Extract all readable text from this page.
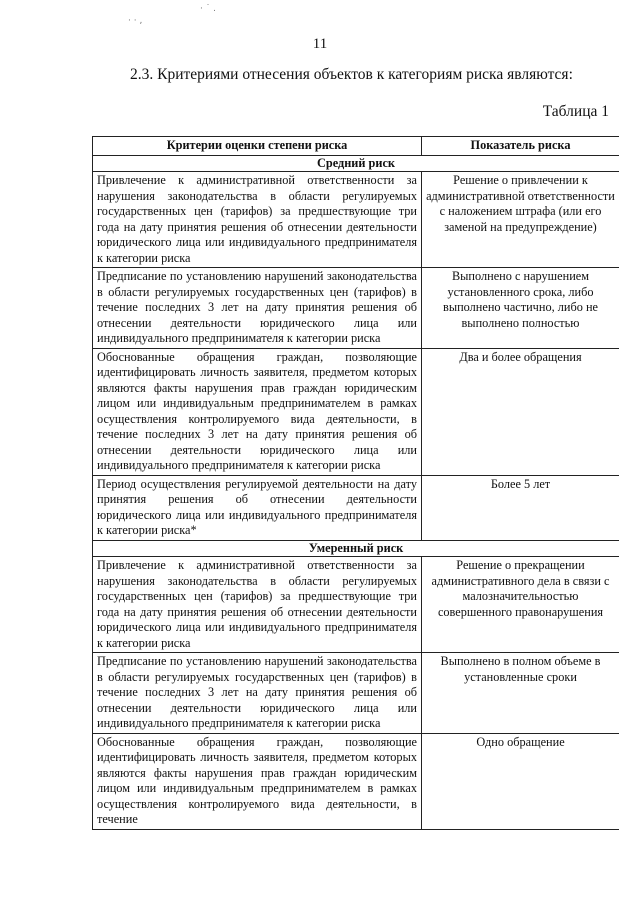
· ˙ .
· · ,
11
2.3. Критериями отнесения объектов к категориям риска являются:
Таблица 1
Критерии оценки степени риска	Показатель риска
Средний риск	
Привлечение к административной ответственности за нарушения законодательства в области регулируемых государственных цен (тарифов) за предшествующие три года на дату принятия решения об отнесении деятельности юридического лица или индивидуального предпринимателя к категории риска	Решение о привлечении к административной ответственности с наложением штрафа (или его заменой на предупреждение)
Предписание по установлению нарушений законодательства в области регулируемых государственных цен (тарифов) в течение последних 3 лет на дату принятия решения об отнесении деятельности юридического лица или индивидуального предпринимателя к категории риска	Выполнено с нарушением установленного срока, либо выполнено частично, либо не выполнено полностью
Обоснованные обращения граждан, позволяющие идентифицировать личность заявителя, предметом которых являются факты нарушения прав граждан юридическим лицом или индивидуальным предпринимателем в рамках осуществления контролируемого вида деятельности, в течение последних 3 лет на дату принятия решения об отнесении деятельности юридического лица или индивидуального предпринимателя к категории риска	Два и более обращения
Период осуществления регулируемой деятельности на дату принятия решения об отнесении деятельности юридического лица или индивидуального предпринимателя к категории риска*	Более 5 лет
Умеренный риск	
Привлечение к административной ответственности за нарушения законодательства в области регулируемых государственных цен (тарифов) за предшествующие три года на дату принятия решения об отнесении деятельности юридического лица или индивидуального предпринимателя к категории риска	Решение о прекращении административного дела в связи с малозначительностью совершенного правонарушения
Предписание по установлению нарушений законодательства в области регулируемых государственных цен (тарифов) в течение последних 3 лет на дату принятия решения об отнесении деятельности юридического лица или индивидуального предпринимателя к категории риска	Выполнено в полном объеме в установленные сроки
Обоснованные обращения граждан, позволяющие идентифицировать личность заявителя, предметом которых являются факты нарушения прав граждан юридическим лицом или индивидуальным предпринимателем в рамках осуществления контролируемого вида деятельности, в течение	Одно обращение
